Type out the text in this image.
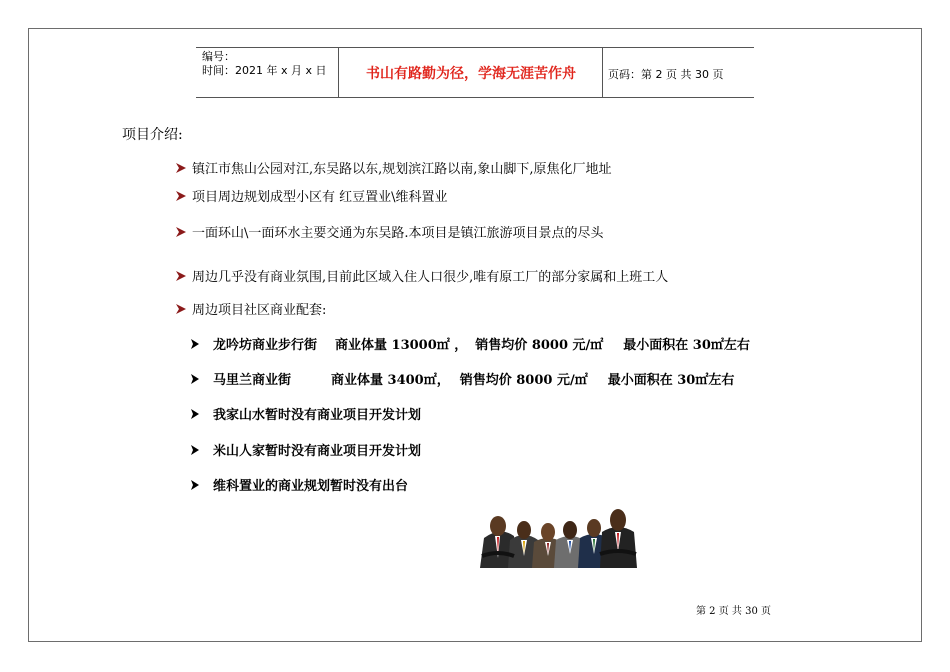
编号：
时间：2021 年 x 月 x 日	书山有路勤为径，学海无涯苦作舟	页码：第 2 页 共 30 页
项目介绍:
镇江市焦山公园对江,东吴路以东,规划滨江路以南,象山脚下,原焦化厂地址
项目周边规划成型小区有 红豆置业\维科置业
一面环山\一面环水主要交通为东吴路.本项目是镇江旅游项目景点的尽头
周边几乎没有商业氛围,目前此区域入住人口很少,唯有原工厂的部分家属和上班工人
周边项目社区商业配套:
龙吟坊商业步行街 商业体量 13000㎡ ， 销售均价 8000 元/㎡ 最小面积在 30㎡左右
马里兰商业街	商业体量 3400㎡， 销售均价 8000 元/㎡ 最小面积在 30㎡左右
我家山水暂时没有商业项目开发计划
米山人家暂时没有商业项目开发计划
维科置业的商业规划暂时没有出台
第 2 页 共 30 页
